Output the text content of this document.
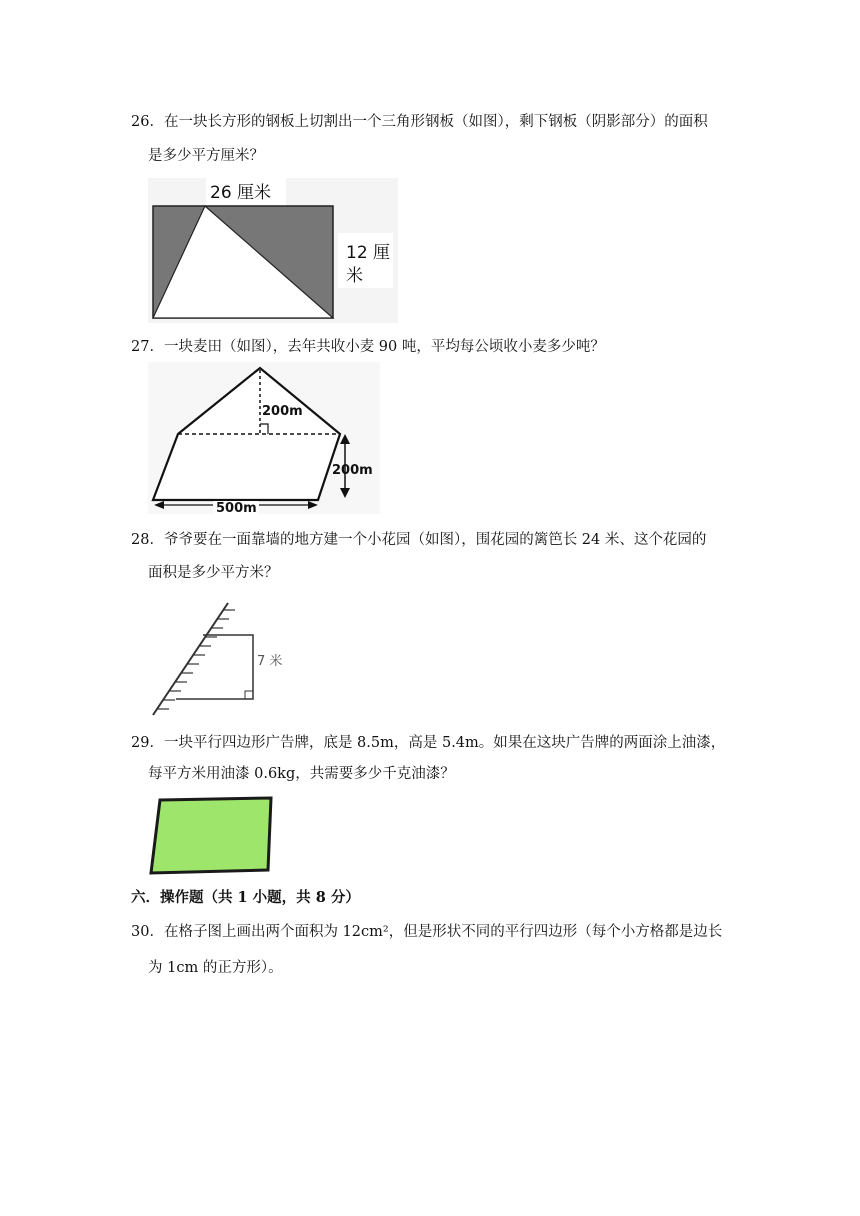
26．在一块长方形的钢板上切割出一个三角形钢板（如图），剩下钢板（阴影部分）的面积
是多少平方厘米？
26 厘米
12 厘
米
27．一块麦田（如图），去年共收小麦 90 吨，平均每公顷收小麦多少吨？
200m
200m
500m
28．爷爷要在一面靠墙的地方建一个小花园（如图），围花园的篱笆长 24 米、这个花园的
面积是多少平方米？
7 米
29．一块平行四边形广告牌，底是 8.5m，高是 5.4m。如果在这块广告牌的两面涂上油漆，
每平方米用油漆 0.6kg，共需要多少千克油漆？
六．操作题（共 1 小题，共 8 分）
30．在格子图上画出两个面积为 12cm²，但是形状不同的平行四边形（每个小方格都是边长
为 1cm 的正方形）。
